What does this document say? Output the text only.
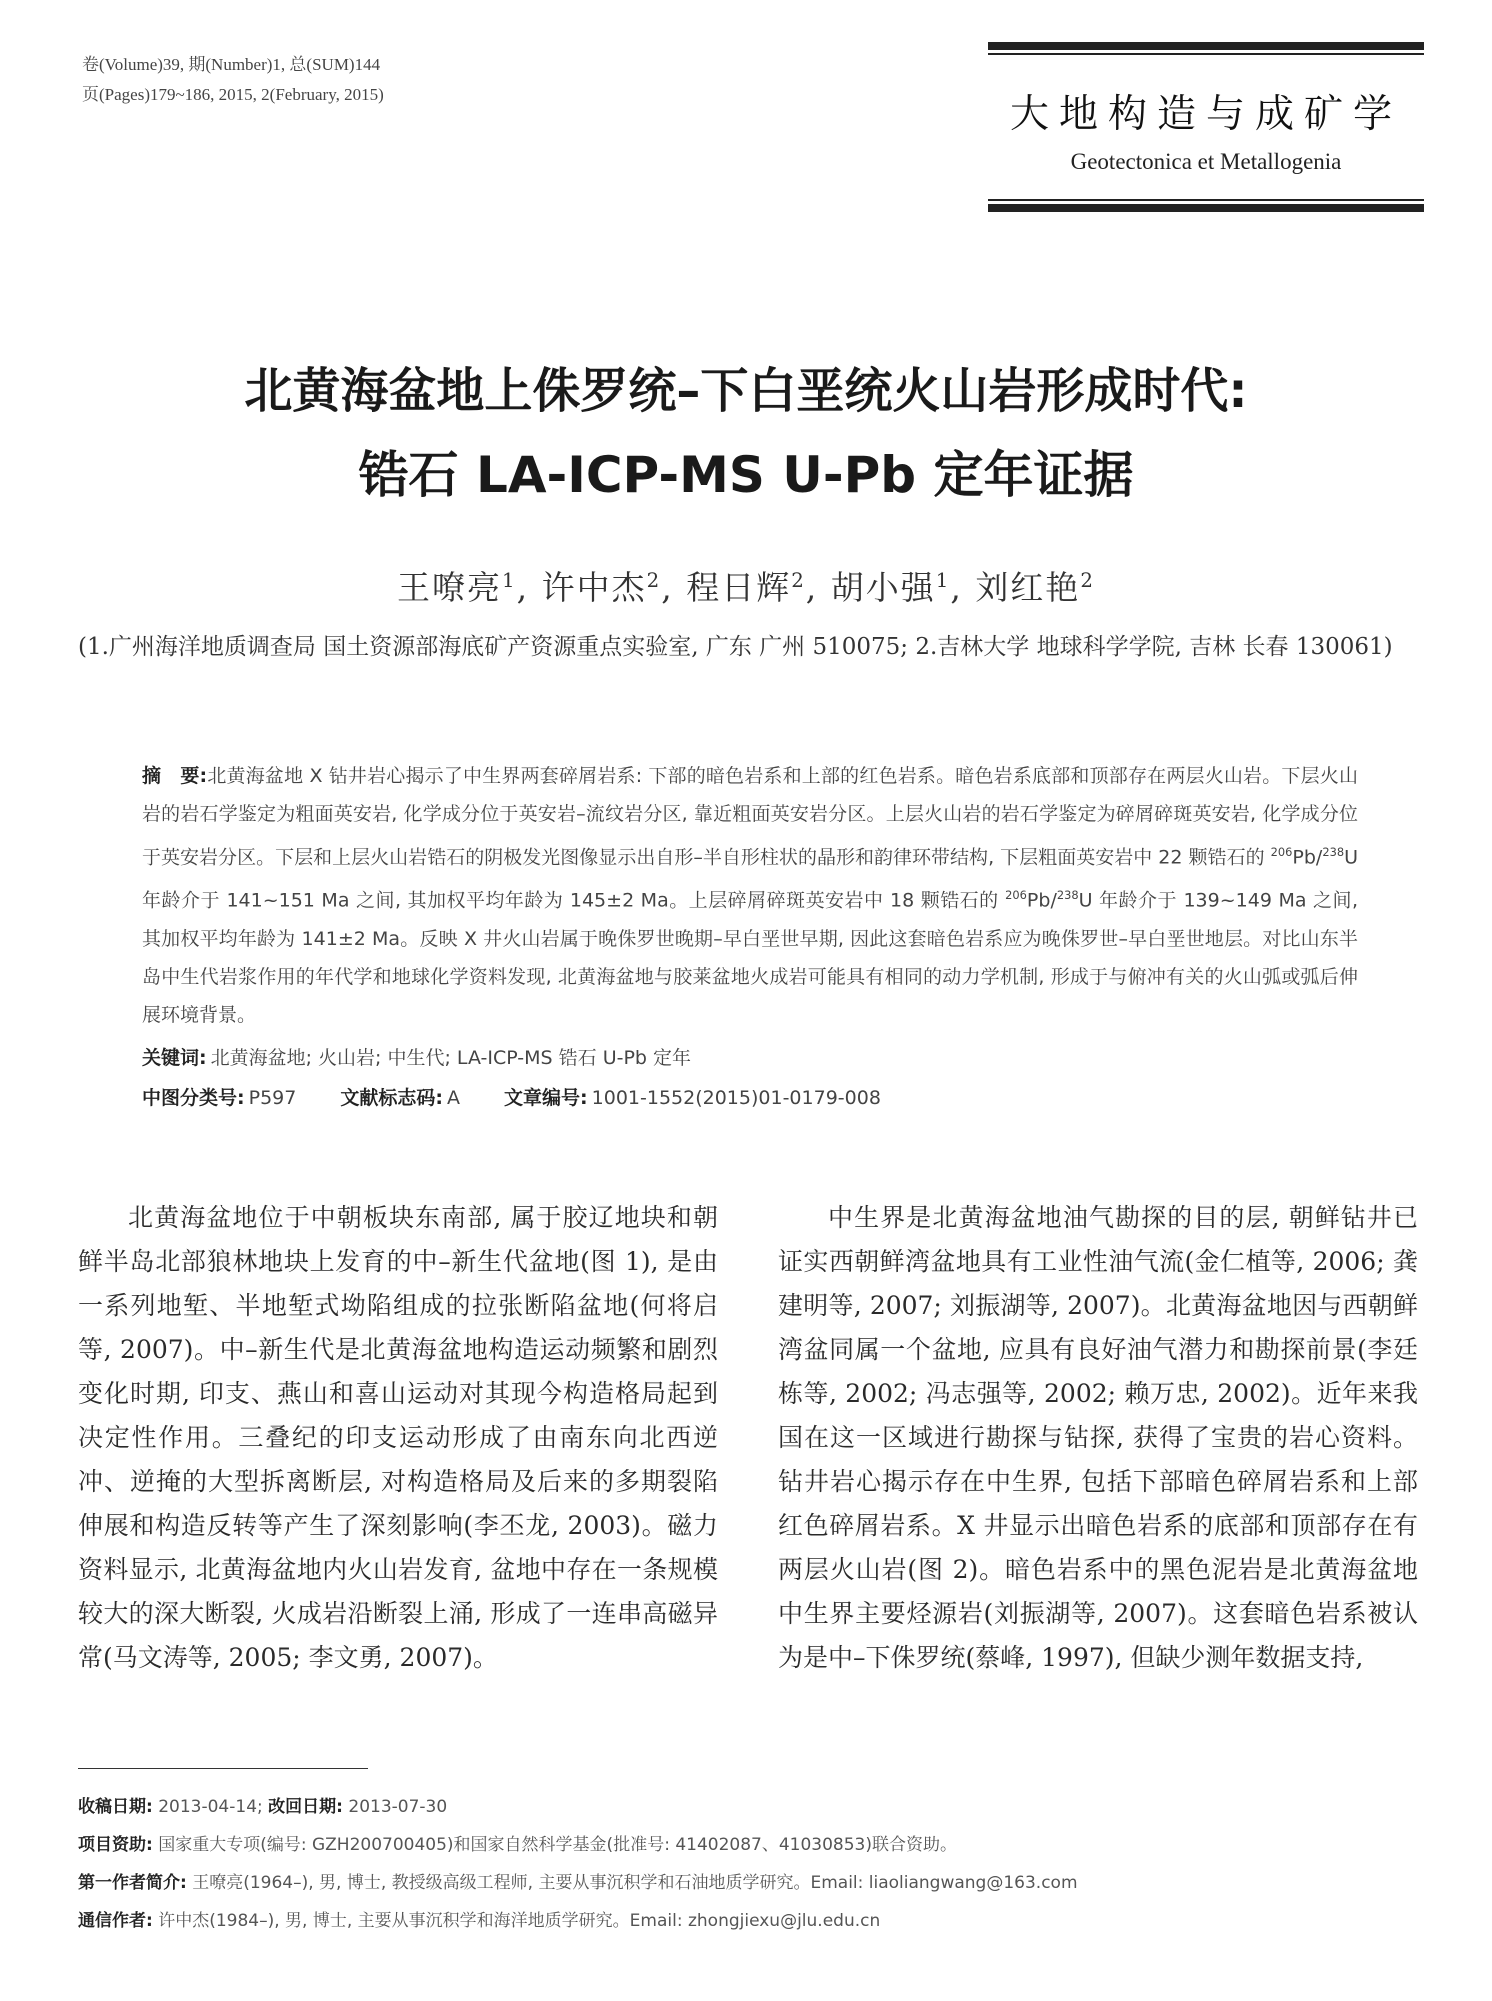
卷(Volume)39, 期(Number)1, 总(SUM)144
页(Pages)179~186, 2015, 2(February, 2015)	大地构造与成矿学
Geotectonica et Metallogenia
北黄海盆地上侏罗统–下白垩统火山岩形成时代:
锆石 LA-ICP-MS U-Pb 定年证据
王嘹亮$^1$, 许中杰$^2$, 程日辉$^2$, 胡小强$^1$, 刘红艳$^2$
(1.广州海洋地质调查局 国土资源部海底矿产资源重点实验室, 广东 广州 510075; 2.吉林大学 地球科学学院, 吉林 长春 130061)
摘　要:北黄海盆地 X 钻井岩心揭示了中生界两套碎屑岩系: 下部的暗色岩系和上部的红色岩系。暗色岩系底部和顶部存在两层火山岩。下层火山岩的岩石学鉴定为粗面英安岩, 化学成分位于英安岩–流纹岩分区, 靠近粗面英安岩分区。上层火山岩的岩石学鉴定为碎屑碎斑英安岩, 化学成分位于英安岩分区。下层和上层火山岩锆石的阴极发光图像显示出自形–半自形柱状的晶形和韵律环带结构, 下层粗面英安岩中 22 颗锆石的 $^{206}$Pb/$^{238}$U 年龄介于 141~151 Ma 之间, 其加权平均年龄为 145±2 Ma。上层碎屑碎斑英安岩中 18 颗锆石的 $^{206}$Pb/$^{238}$U 年龄介于 139~149 Ma 之间, 其加权平均年龄为 141±2 Ma。反映 X 井火山岩属于晚侏罗世晚期–早白垩世早期, 因此这套暗色岩系应为晚侏罗世–早白垩世地层。对比山东半岛中生代岩浆作用的年代学和地球化学资料发现, 北黄海盆地与胶莱盆地火成岩可能具有相同的动力学机制, 形成于与俯冲有关的火山弧或弧后伸展环境背景。
关键词: 北黄海盆地; 火山岩; 中生代; LA-ICP-MS 锆石 U-Pb 定年
中图分类号: P597 文献标志码: A 文章编号: 1001-1552(2015)01-0179-008

北黄海盆地位于中朝板块东南部, 属于胶辽地块和朝鲜半岛北部狼林地块上发育的中–新生代盆地(图 1), 是由一系列地堑、半地堑式坳陷组成的拉张断陷盆地(何将启等, 2007)。中–新生代是北黄海盆地构造运动频繁和剧烈变化时期, 印支、燕山和喜山运动对其现今构造格局起到决定性作用。三叠纪的印支运动形成了由南东向北西逆冲、逆掩的大型拆离断层, 对构造格局及后来的多期裂陷伸展和构造反转等产生了深刻影响(李丕龙, 2003)。磁力资料显示, 北黄海盆地内火山岩发育, 盆地中存在一条规模较大的深大断裂, 火成岩沿断裂上涌, 形成了一连串高磁异常(马文涛等, 2005; 李文勇, 2007)。

中生界是北黄海盆地油气勘探的目的层, 朝鲜钻井已证实西朝鲜湾盆地具有工业性油气流(金仁植等, 2006; 龚建明等, 2007; 刘振湖等, 2007)。北黄海盆地因与西朝鲜湾盆同属一个盆地, 应具有良好油气潜力和勘探前景(李廷栋等, 2002; 冯志强等, 2002; 赖万忠, 2002)。近年来我国在这一区域进行勘探与钻探, 获得了宝贵的岩心资料。钻井岩心揭示存在中生界, 包括下部暗色碎屑岩系和上部红色碎屑岩系。X 井显示出暗色岩系的底部和顶部存在有两层火山岩(图 2)。暗色岩系中的黑色泥岩是北黄海盆地中生界主要烃源岩(刘振湖等, 2007)。这套暗色岩系被认为是中–下侏罗统(蔡峰, 1997), 但缺少测年数据支持,

收稿日期: 2013-04-14; 改回日期: 2013-07-30
项目资助: 国家重大专项(编号: GZH200700405)和国家自然科学基金(批准号: 41402087、41030853)联合资助。
第一作者简介: 王嘹亮(1964–), 男, 博士, 教授级高级工程师, 主要从事沉积学和石油地质学研究。Email: liaoliangwang@163.com
通信作者: 许中杰(1984–), 男, 博士, 主要从事沉积学和海洋地质学研究。Email: zhongjiexu@jlu.edu.cn
